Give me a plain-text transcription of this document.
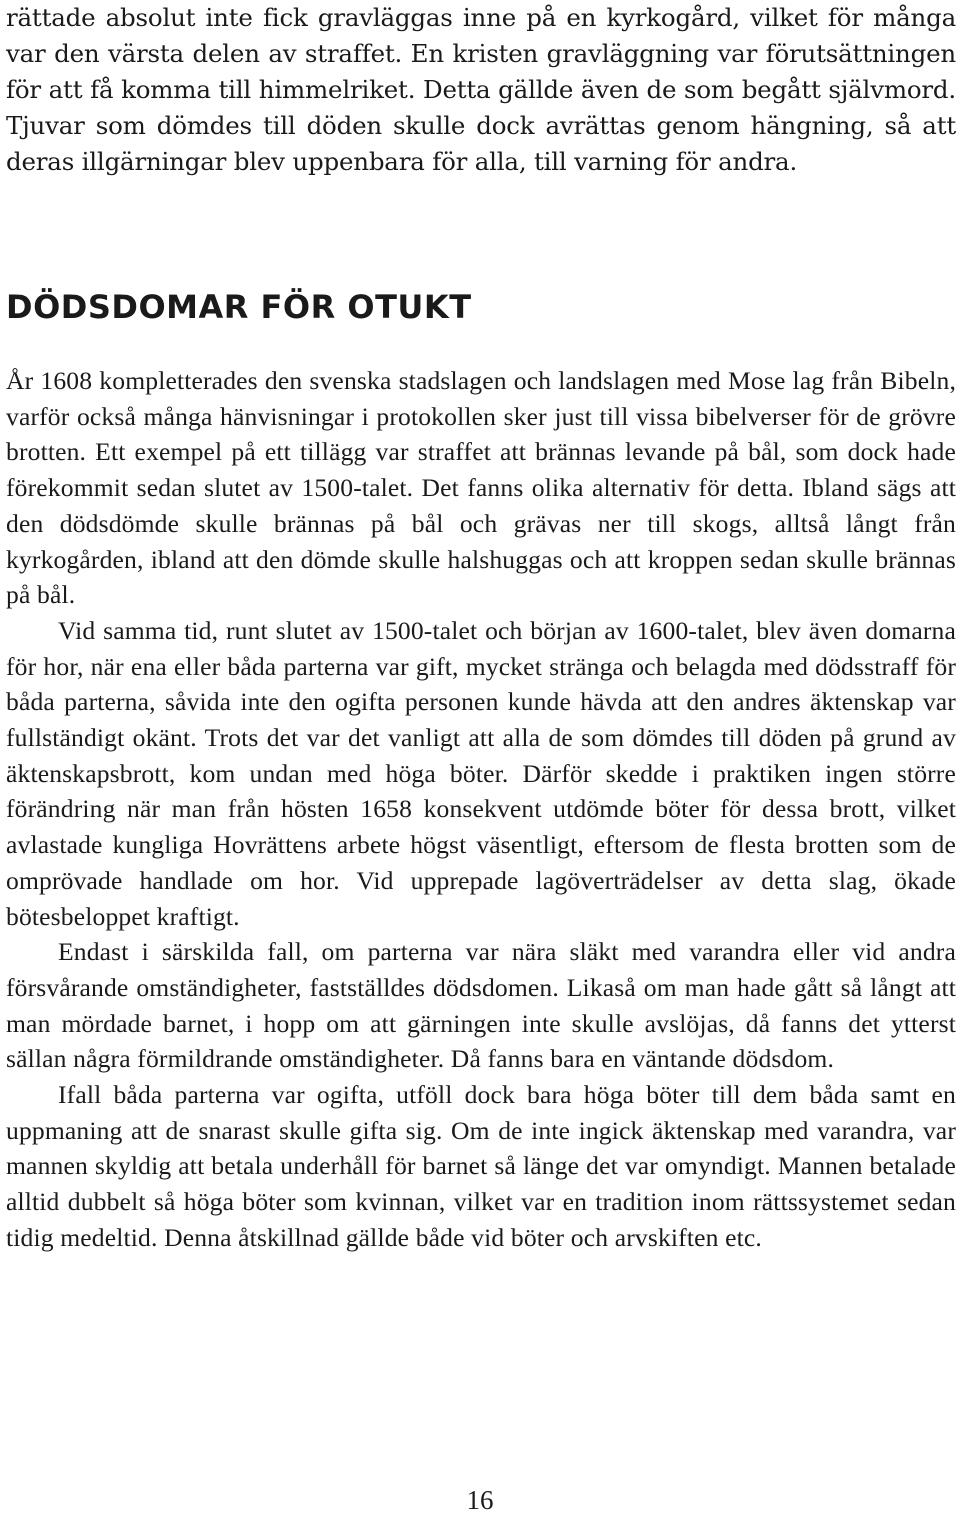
rättade absolut inte fick gravläggas inne på en kyrkogård, vilket för många var den värsta delen av straffet. En kristen gravläggning var förutsättningen för att få komma till himmelriket. Detta gällde även de som begått självmord. Tjuvar som dömdes till döden skulle dock avrättas genom hängning, så att deras illgärningar blev uppenbara för alla, till varning för andra.

DÖDSDOMAR FÖR OTUKT

År 1608 kompletterades den svenska stadslagen och landslagen med Mose lag från Bibeln, varför också många hänvisningar i protokollen sker just till vissa bibelverser för de grövre brotten. Ett exempel på ett tillägg var straffet att brännas levande på bål, som dock hade förekommit sedan slutet av 1500-talet. Det fanns olika alternativ för detta. Ibland sägs att den dödsdömde skulle brännas på bål och grävas ner till skogs, alltså långt från kyrkogården, ibland att den dömde skulle halshuggas och att kroppen sedan skulle brännas på bål.

Vid samma tid, runt slutet av 1500-talet och början av 1600-talet, blev även domarna för hor, när ena eller båda parterna var gift, mycket stränga och belagda med dödsstraff för båda parterna, såvida inte den ogifta personen kunde hävda att den andres äktenskap var fullständigt okänt. Trots det var det vanligt att alla de som dömdes till döden på grund av äktenskapsbrott, kom undan med höga böter. Därför skedde i praktiken ingen större förändring när man från hösten 1658 konsekvent utdömde böter för dessa brott, vilket avlastade kungliga Hovrättens arbete högst väsentligt, eftersom de flesta brotten som de omprövade handlade om hor. Vid upprepade lagöverträdelser av detta slag, ökade bötesbeloppet kraftigt.

Endast i särskilda fall, om parterna var nära släkt med varandra eller vid andra försvårande omständigheter, fastställdes dödsdomen. Likaså om man hade gått så långt att man mördade barnet, i hopp om att gärningen inte skulle avslöjas, då fanns det ytterst sällan några förmildrande omständigheter. Då fanns bara en väntande dödsdom.

Ifall båda parterna var ogifta, utföll dock bara höga böter till dem båda samt en uppmaning att de snarast skulle gifta sig. Om de inte ingick äktenskap med varandra, var mannen skyldig att betala underhåll för barnet så länge det var omyndigt. Mannen betalade alltid dubbelt så höga böter som kvinnan, vilket var en tradition inom rättssystemet sedan tidig medeltid. Denna åtskillnad gällde både vid böter och arvskiften etc.

16
